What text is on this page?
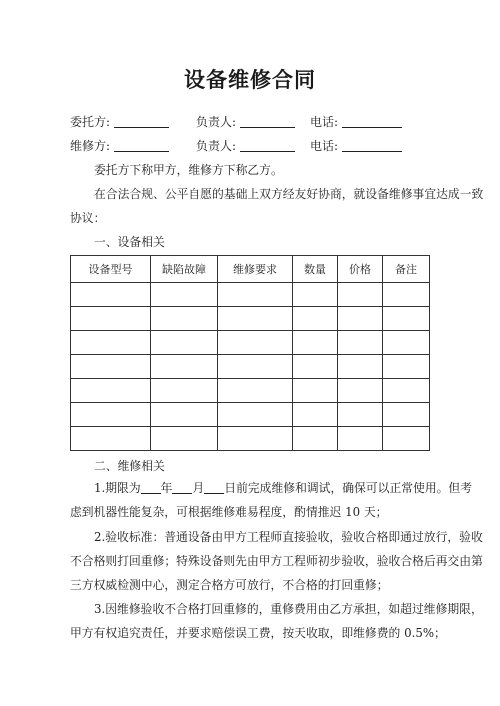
设备维修合同
委托方:	负责人:	电话:
维修方:	负责人:	电话:
委托方下称甲方，维修方下称乙方。
在合法合规、公平自愿的基础上双方经友好协商，就设备维修事宜达成一致
协议：
一、设备相关
设备型号	缺陷故障	维修要求	数量	价格	备注

二、维修相关
1.期限为 年 月 日前完成维修和调试，确保可以正常使用。但考
虑到机器性能复杂，可根据维修难易程度，酌情推迟 10 天；
2.验收标准：普通设备由甲方工程师直接验收，验收合格即通过放行，验收
不合格则打回重修；特殊设备则先由甲方工程师初步验收，验收合格后再交由第
三方权威检测中心，测定合格方可放行，不合格的打回重修；
3.因维修验收不合格打回重修的，重修费用由乙方承担，如超过维修期限，
甲方有权追究责任，并要求赔偿误工费，按天收取，即维修费的 0.5%；
